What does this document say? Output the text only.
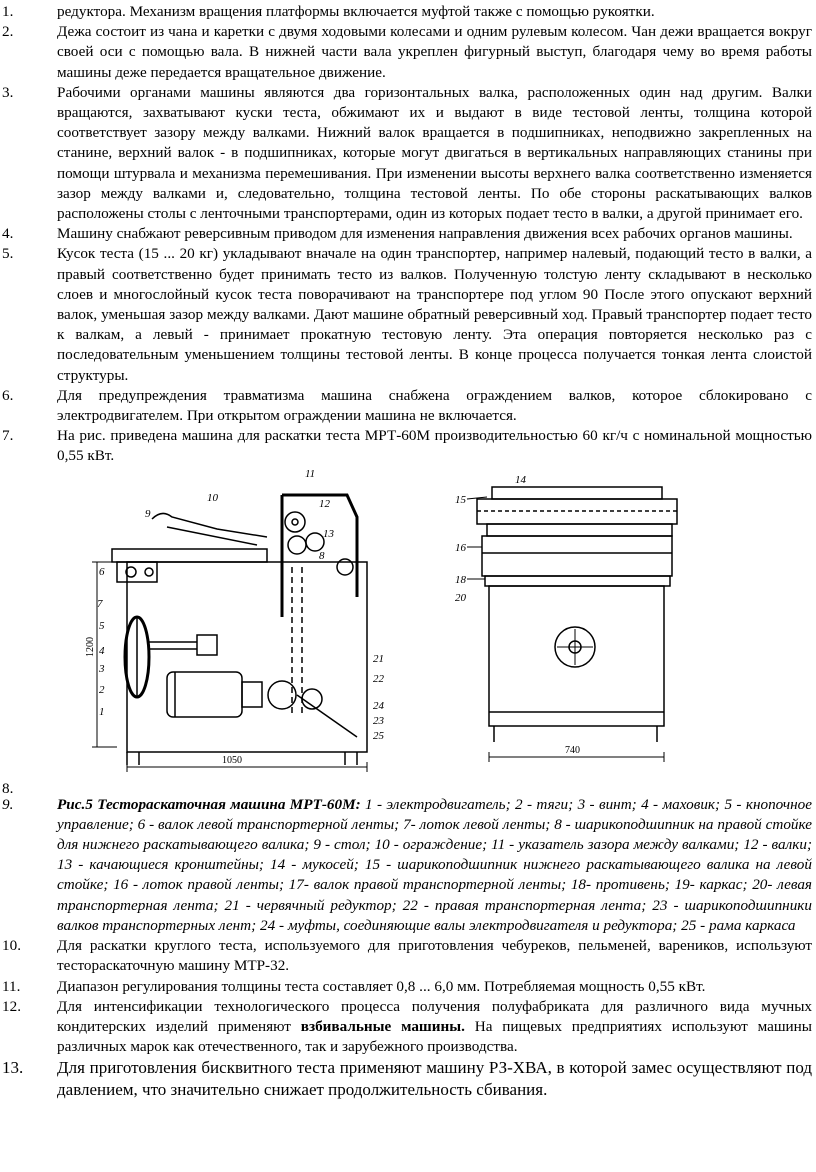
1.	редуктора. Механизм вращения платформы включается муфтой также с помощью рукоятки.
2.	Дежа состоит из чана и каретки с двумя ходовыми колесами и одним рулевым колесом. Чан дежи вращается вокруг своей оси с помощью вала. В нижней части вала укреплен фигурный выступ, благодаря чему во время работы машины деже передается вращательное движение.
3.	Рабочими органами машины являются два горизонтальных валка, расположенных один над другим. Валки вращаются, захватывают куски теста, обжимают их и выдают в виде тестовой ленты, толщина которой соответствует зазору между валками. Нижний валок вращается в подшипниках, неподвижно закрепленных на станине, верхний валок - в подшипниках, которые могут двигаться в вертикальных направляющих станины при помощи штурвала и механизма перемешивания. При изменении высоты верхнего валка соответственно изменяется зазор между валками и, следовательно, толщина тестовой ленты. По обе стороны раскатывающих валков расположены столы с ленточными транспортерами, один из которых подает тесто в валки, а другой принимает его.
4.	Машину снабжают реверсивным приводом для изменения направления движения всех рабочих органов машины.
5.	Кусок теста (15 ... 20 кг) укладывают вначале на один транспортер, например налевый, подающий тесто в валки, а правый соответственно будет принимать тесто из валков. Полученную толстую ленту складывают в несколько слоев и многослойный кусок теста поворачивают на транспортере под углом 90 После этого опускают верхний валок, уменьшая зазор между валками. Дают машине обратный реверсивный ход. Правый транспортер подает тесто к валкам, а левый - принимает прокатную тестовую ленту. Эта операция повторяется несколько раз с последовательным уменьшением толщины тестовой ленты. В конце процесса получается тонкая лента слоистой структуры.
6.	Для предупреждения травматизма машина снабжена ограждением валков, которое сблокировано с электродвигателем. При открытом ограждении машина не включается.
7.	На рис. приведена машина для раскатки теста МРТ-60М производительностью 60 кг/ч с номинальной мощностью 0,55 кВт.
11
10	12
9
13
8
6
7
5
4
3
2
1
21
22
24
23
25
14
15
16
18
20
1200
1050
740
8.
9.	Рис.5 Тестораскаточная машина МРТ-60М: 1 - электродвигатель; 2 - тяги; 3 - винт; 4 - маховик; 5 - кнопочное управление; 6 - валок левой транспортерной ленты; 7- лоток левой ленты; 8 - шарикоподшипник на правой стойке для нижнего раскатывающего валика; 9 - стол; 10 - ограждение; 11 - указатель зазора между валками; 12 - валки; 13 - качающиеся кронштейны; 14 - мукосей; 15 - шарикоподшипник нижнего раскатывающего валика на левой стойке; 16 - лоток правой ленты; 17- валок правой транспортерной ленты; 18- противень; 19- каркас; 20- левая транспортерная лента; 21 - червячный редуктор; 22 - правая транспортерная лента; 23 - шарикоподшипники валков транспортерных лент; 24 - муфты, соединяющие валы электродвигателя и редуктора; 25 - рама каркаса
10.	Для раскатки круглого теста, используемого для приготовления чебуреков, пельменей, вареников, используют тестораскаточную машину МТР-32.
11.	Диапазон регулирования толщины теста составляет 0,8 ... 6,0 мм. Потребляемая мощность 0,55 кВт.
12.	Для интенсификации технологического процесса получения полуфабриката для различного вида мучных кондитерских изделий применяют взбивальные машины. На пищевых предприятиях используют машины различных марок как отечественного, так и зарубежного производства.
13.	Для приготовления бисквитного теста применяют машину РЗ-ХВА, в которой замес осуществляют под давлением, что значительно снижает продолжительность сбивания.
